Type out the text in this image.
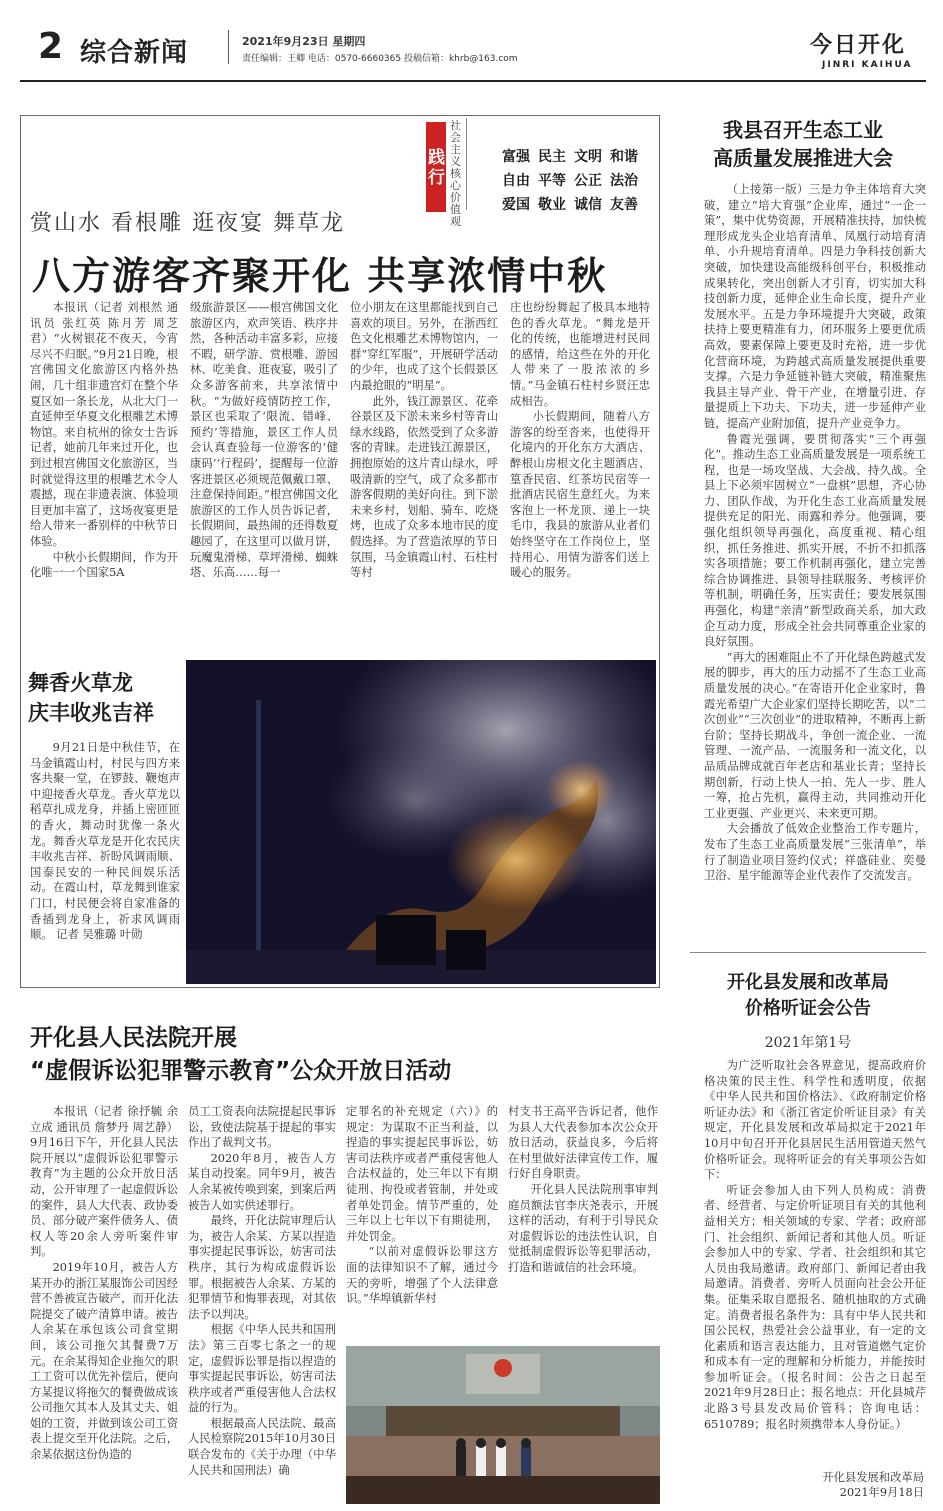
2 综合新闻	2021年9月23日 星期四
责任编辑：王卿 电话：0570-6660365 投稿信箱：khrb@163.com
今日开化
JINRI KAIHUA
社会主义核心价值观
践行
富强 民主 文明 和谐
自由 平等 公正 法治
爱国 敬业 诚信 友善
赏山水 看根雕 逛夜宴 舞草龙
八方游客齐聚开化 共享浓情中秋

本报讯（记者 刘根然 通讯员 张红英 陈月芳 周芝君）“火树银花不夜天，今宵尽兴不归眠。”9月21日晚，根宫佛国文化旅游区内格外热闹，几十组非遗宫灯在整个华夏区如一条长龙，从北大门一直延伸至华夏文化根雕艺术博物馆。来自杭州的徐女士告诉记者，她前几年来过开化，也到过根宫佛国文化旅游区，当时就觉得这里的根雕艺术令人震撼，现在非遗表演、体验项目更加丰富了，这场夜宴更是给人带来一番别样的中秋节日体验。

中秋小长假期间，作为开化唯一一个国家5A

级旅游景区——根宫佛国文化旅游区内，欢声笑语、秩序井然，各种活动丰富多彩，应接不暇，研学游、赏根雕、游园林、吃美食、逛夜宴，吸引了众多游客前来，共享浓情中秋。“为做好疫情防控工作，景区也采取了‘限流、错峰、预约’等措施，景区工作人员会认真查验每一位游客的‘健康码’‘行程码’，提醒每一位游客进景区必须规范佩戴口罩、注意保持间距。”根宫佛国文化旅游区的工作人员告诉记者，长假期间，最热闹的还得数夏趣园了，在这里可以做月饼，玩魔鬼滑梯、草坪滑梯、蜘蛛塔、乐高……每一

位小朋友在这里都能找到自己喜欢的项目。另外，在浙西红色文化根雕艺术博物馆内，一群“穿红军服”，开展研学活动的少年，也成了这个长假景区内最抢眼的“明星”。

此外，钱江源景区、花牵谷景区及下淤未来乡村等青山绿水线路，依然受到了众多游客的青睐。走进钱江源景区，拥抱原始的这片青山绿水，呼吸清新的空气，成了众多都市游客假期的美好向往。到下淤未来乡村，划船、骑车、吃烧烤，也成了众多本地市民的度假选择。为了营造浓厚的节日氛围，马金镇霞山村、石柱村等村

庄也纷纷舞起了极具本地特色的香火草龙。“舞龙是开化的传统，也能增进村民间的感情，给这些在外的开化人带来了一股浓浓的乡情。”马金镇石柱村乡贤汪忠成相告。

小长假期间，随着八方游客的纷至沓来，也使得开化境内的开化东方大酒店、醉根山房根文化主题酒店、篁香民宿、红茶坊民宿等一批酒店民宿生意红火。为来客泡上一杯龙顶、递上一块毛巾，我县的旅游从业者们始终坚守在工作岗位上，坚持用心、用情为游客们送上暖心的服务。

舞香火草龙
庆丰收兆吉祥

9月21日是中秋佳节，在马金镇霞山村，村民与四方来客共聚一堂，在锣鼓、鞭炮声中迎接香火草龙。香火草龙以稻草扎成龙身，并插上密匝匝的香火，舞动时犹像一条火龙。舞香火草龙是开化农民庆丰收兆吉祥、祈盼风调雨顺、国泰民安的一种民间娱乐活动。在霞山村，草龙舞到谁家门口，村民便会将自家准备的香插到龙身上，祈求风调雨顺。 记者 吴雅璐 叶勋

我县召开生态工业
高质量发展推进大会

（上接第一版）三是力争主体培育大突破，建立“培大育强”企业库，通过“一企一策”，集中优势资源，开展精准扶持，加快梳理形成龙头企业培育清单、凤凰行动培育清单、小升规培育清单。四是力争科技创新大突破，加快建设高能级科创平台，积极推动成果转化，突出创新人才引育，切实加大科技创新力度，延伸企业生命长度，提升产业发展水平。五是力争环境提升大突破，政策扶持上要更精准有力，闭环服务上要更优质高效，要素保障上要更及时充裕，进一步优化营商环境，为跨越式高质量发展提供重要支撑。六是力争延链补链大突破，精准聚焦我县主导产业、骨干产业，在增量引进、存量提质上下功夫、下功夫，进一步延伸产业链，提高产业附加值，提升产业竞争力。

鲁霞光强调，要贯彻落实“三个再强化”。推动生态工业高质量发展是一项系统工程，也是一场攻坚战、大会战、持久战。全县上下必须牢固树立“一盘棋”思想，齐心协力、团队作战，为开化生态工业高质量发展提供充足的阳光、雨露和养分。他强调，要强化组织领导再强化，高度重视、精心组织，抓任务推进、抓实开展，不折不扣抓落实各项措施；要工作机制再强化，建立完善综合协调推进、县领导挂联服务、考核评价等机制，明确任务，压实责任；要发展氛围再强化，构建“亲清”新型政商关系，加大政企互动力度，形成全社会共同尊重企业家的良好氛围。

“再大的困难阻止不了开化绿色跨越式发展的脚步，再大的压力动摇不了生态工业高质量发展的决心。”在寄语开化企业家时，鲁霞光希望广大企业家们坚持长期吃苦，以“二次创业”“三次创业”的进取精神，不断再上新台阶；坚持长期战斗，争创一流企业、一流管理、一流产品、一流服务和一流文化，以品质品牌成就百年老店和基业长青；坚持长期创新，行动上快人一拍、先人一步、胜人一筹，抢占先机，赢得主动，共同推动开化工业更强、产业更兴、未来更可期。

大会播放了低效企业整治工作专题片，发布了生态工业高质量发展“三张清单”，举行了制造业项目签约仪式；祥盛硅业、奕曼卫浴、星宇能源等企业代表作了交流发言。

开化县发展和改革局
价格听证会公告
2021年第1号

为广泛听取社会各界意见，提高政府价格决策的民主性、科学性和透明度，依据《中华人民共和国价格法》、《政府制定价格听证办法》和《浙江省定价听证目录》有关规定，开化县发展和改革局拟定于2021年10月中旬召开开化县居民生活用管道天然气价格听证会。现将听证会的有关事项公告如下：

听证会参加人由下列人员构成：消费者、经营者、与定价听证项目有关的其他利益相关方；相关领域的专家、学者；政府部门、社会组织、新闻记者和其他人员。听证会参加人中的专家、学者、社会组织和其它人员由我局邀请。政府部门、新闻记者由我局邀请。消费者、旁听人员面向社会公开征集。征集采取自愿报名、随机抽取的方式确定。消费者报名条件为：具有中华人民共和国公民权，热爱社会公益事业，有一定的文化素质和语言表达能力，且对管道燃气定价和成本有一定的理解和分析能力，并能按时参加听证会。（报名时间：公告之日起至2021年9月28日止；报名地点：开化县城芹北路3号县发改局价管科；咨询电话：6510789；报名时须携带本人身份证。）

开化县发展和改革局
2021年9月18日
开化县人民法院开展
“虚假诉讼犯罪警示教育”公众开放日活动

本报讯（记者 徐抒毓 余立成 通讯员 詹梦丹 周艺静）9月16日下午，开化县人民法院开展以“虚假诉讼犯罪警示教育”为主题的公众开放日活动，公开审理了一起虚假诉讼的案件，县人大代表、政协委员、部分破产案件债务人、债权人等20余人旁听案件审判。

2019年10月，被告人方某开办的浙江某服饰公司因经营不善被宣告破产，而开化法院提交了破产清算申请。被告人余某在承包该公司食堂期间，该公司拖欠其餐费7万元。在余某得知企业拖欠的职工工资可以优先补偿后，便向方某提议将拖欠的餐费做成该公司拖欠其本人及其丈夫、姐姐的工资，并做到该公司工资表上提交至开化法院。之后，余某依据这份伪造的

员工工资表向法院提起民事诉讼，致使法院基于提起的事实作出了裁判文书。

2020年8月，被告人方某自动投案。同年9月，被告人余某被传唤到案，到案后两被告人如实供述罪行。

最终，开化法院审理后认为，被告人余某、方某以捏造事实提起民事诉讼，妨害司法秩序，其行为构成虚假诉讼罪。根据被告人余某、方某的犯罪情节和悔罪表现，对其依法予以判决。

根据《中华人民共和国刑法》第三百零七条之一的规定，虚假诉讼罪是指以捏造的事实提起民事诉讼，妨害司法秩序或者严重侵害他人合法权益的行为。

根据最高人民法院、最高人民检察院2015年10月30日联合发布的《关于办理（中华人民共和国刑法）确

定罪名的补充规定（六）》的规定：为谋取不正当利益，以捏造的事实提起民事诉讼，妨害司法秩序或者严重侵害他人合法权益的，处三年以下有期徒刑、拘役或者管制，并处或者单处罚金。情节严重的，处三年以上七年以下有期徒刑，并处罚金。

“以前对虚假诉讼罪这方面的法律知识不了解，通过今天的旁听，增强了个人法律意识。”华埠镇新华村

村支书王高平告诉记者，他作为县人大代表参加本次公众开放日活动，获益良多，今后将在村里做好法律宣传工作，履行好自身职责。

开化县人民法院刑事审判庭员额法官李庆尧表示，开展这样的活动，有利于引导民众对虚假诉讼的违法性认识，自觉抵制虚假诉讼等犯罪活动，打造和谐诚信的社会环境。
